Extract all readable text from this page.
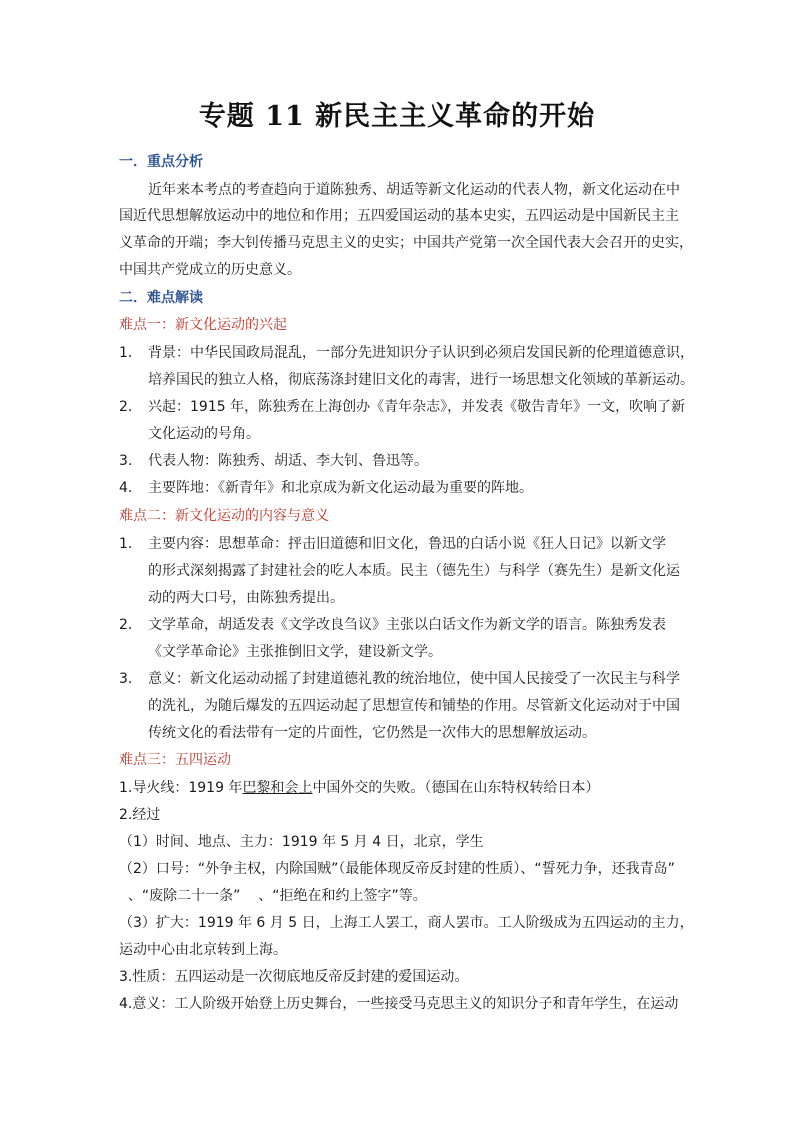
专题 11 新民主主义革命的开始
一．重点分析
近年来本考点的考查趋向于道陈独秀、胡适等新文化运动的代表人物，新文化运动在中
国近代思想解放运动中的地位和作用；五四爱国运动的基本史实，五四运动是中国新民主主
义革命的开端；李大钊传播马克思主义的史实；中国共产党第一次全国代表大会召开的史实，
中国共产党成立的历史意义。
二．难点解读
难点一：新文化运动的兴起
1. 背景：中华民国政局混乱，一部分先进知识分子认识到必须启发国民新的伦理道德意识，
培养国民的独立人格，彻底荡涤封建旧文化的毒害，进行一场思想文化领域的革新运动。
2. 兴起：1915 年，陈独秀在上海创办《青年杂志》，并发表《敬告青年》一文，吹响了新
文化运动的号角。
3. 代表人物：陈独秀、胡适、李大钊、鲁迅等。
4. 主要阵地：《新青年》和北京成为新文化运动最为重要的阵地。
难点二：新文化运动的内容与意义
1. 主要内容：思想革命：抨击旧道德和旧文化，鲁迅的白话小说《狂人日记》以新文学
的形式深刻揭露了封建社会的吃人本质。民主（德先生）与科学（赛先生）是新文化运
动的两大口号，由陈独秀提出。
2. 文学革命，胡适发表《文学改良刍议》主张以白话文作为新文学的语言。陈独秀发表
《文学革命论》主张推倒旧文学，建设新文学。
3. 意义：新文化运动动摇了封建道德礼教的统治地位，使中国人民接受了一次民主与科学
的洗礼，为随后爆发的五四运动起了思想宣传和铺垫的作用。尽管新文化运动对于中国
传统文化的看法带有一定的片面性，它仍然是一次伟大的思想解放运动。
难点三：五四运动
1.导火线：1919 年巴黎和会上中国外交的失败。（德国在山东特权转给日本）
2.经过
（1）时间、地点、主力：1919 年 5 月 4 日，北京，学生
（2）口号：“外争主权，内除国贼”（最能体现反帝反封建的性质）、“誓死力争，还我青岛”
、“废除二十一条”    、“拒绝在和约上签字”等。
（3）扩大：1919 年 6 月 5 日，上海工人罢工，商人罢市。工人阶级成为五四运动的主力，
运动中心由北京转到上海。
3.性质：五四运动是一次彻底地反帝反封建的爱国运动。
4.意义：工人阶级开始登上历史舞台，一些接受马克思主义的知识分子和青年学生，在运动
